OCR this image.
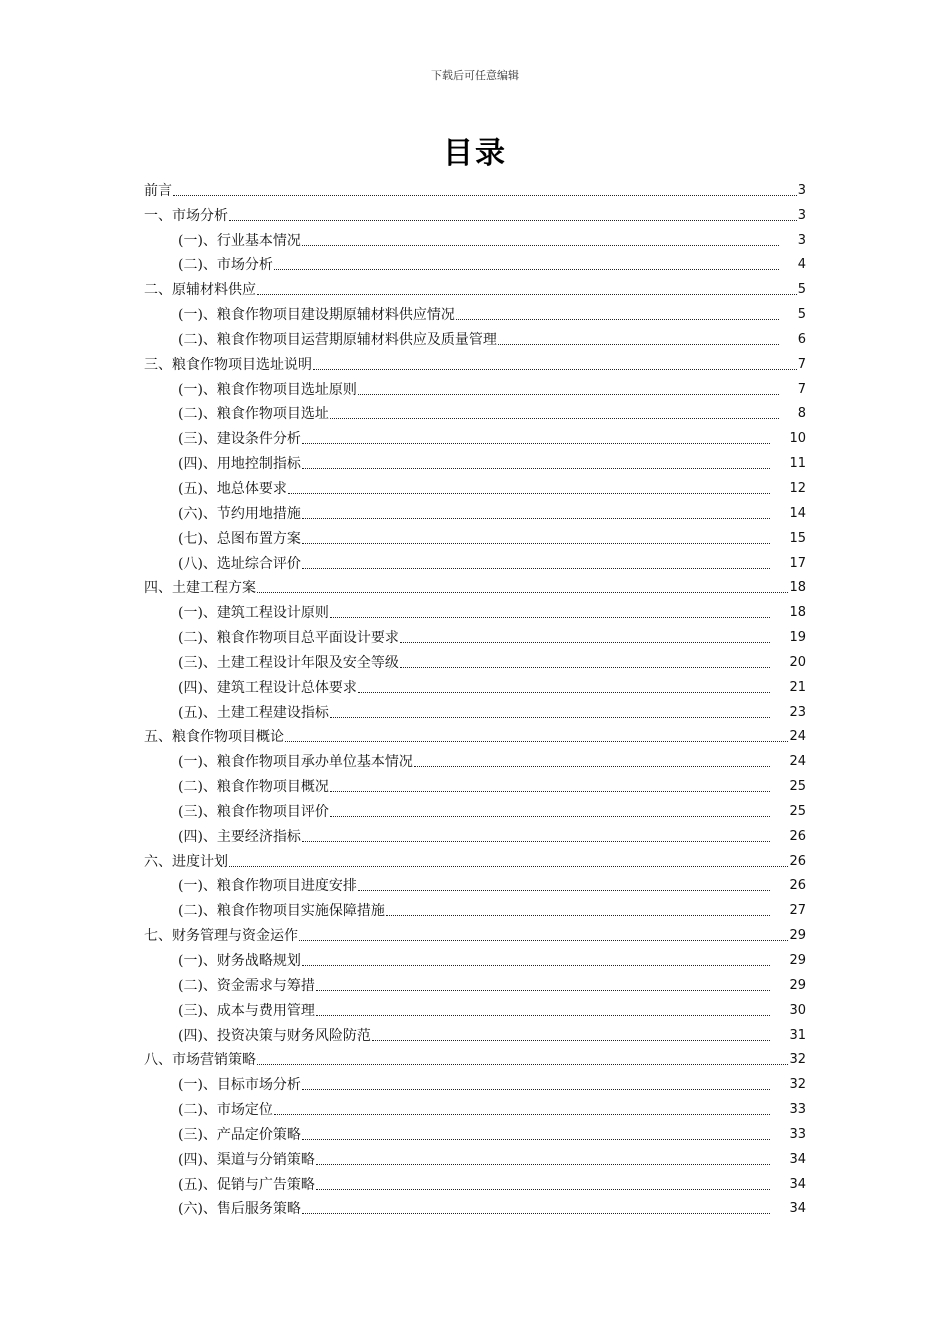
下载后可任意编辑
目录
前言	3
一、市场分析	3
(一)、行业基本情况	3
(二)、市场分析	4
二、原辅材料供应	5
(一)、粮食作物项目建设期原辅材料供应情况	5
(二)、粮食作物项目运营期原辅材料供应及质量管理	6
三、粮食作物项目选址说明	7
(一)、粮食作物项目选址原则	7
(二)、粮食作物项目选址	8
(三)、建设条件分析	10
(四)、用地控制指标	11
(五)、地总体要求	12
(六)、节约用地措施	14
(七)、总图布置方案	15
(八)、选址综合评价	17
四、土建工程方案	18
(一)、建筑工程设计原则	18
(二)、粮食作物项目总平面设计要求	19
(三)、土建工程设计年限及安全等级	20
(四)、建筑工程设计总体要求	21
(五)、土建工程建设指标	23
五、粮食作物项目概论	24
(一)、粮食作物项目承办单位基本情况	24
(二)、粮食作物项目概况	25
(三)、粮食作物项目评价	25
(四)、主要经济指标	26
六、进度计划	26
(一)、粮食作物项目进度安排	26
(二)、粮食作物项目实施保障措施	27
七、财务管理与资金运作	29
(一)、财务战略规划	29
(二)、资金需求与筹措	29
(三)、成本与费用管理	30
(四)、投资决策与财务风险防范	31
八、市场营销策略	32
(一)、目标市场分析	32
(二)、市场定位	33
(三)、产品定价策略	33
(四)、渠道与分销策略	34
(五)、促销与广告策略	34
(六)、售后服务策略	34
